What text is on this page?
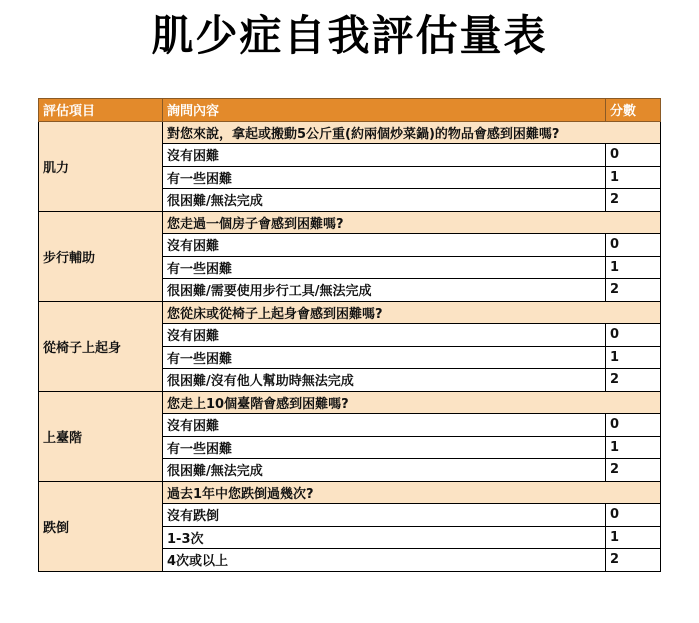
肌少症自我評估量表
評估項目	詢問內容	分數
肌力	對您來說，拿起或搬動5公斤重(約兩個炒菜鍋)的物品會感到困難嗎?	
	沒有困難	0
	有一些困難	1
	很困難/無法完成	2
步行輔助	您走過一個房子會感到困難嗎?	
	沒有困難	0
	有一些困難	1
	很困難/需要使用步行工具/無法完成	2
從椅子上起身	您從床或從椅子上起身會感到困難嗎?	
	沒有困難	0
	有一些困難	1
	很困難/沒有他人幫助時無法完成	2
上臺階	您走上10個臺階會感到困難嗎?	
	沒有困難	0
	有一些困難	1
	很困難/無法完成	2
跌倒	過去1年中您跌倒過幾次?	
	沒有跌倒	0
	1-3次	1
	4次或以上	2
